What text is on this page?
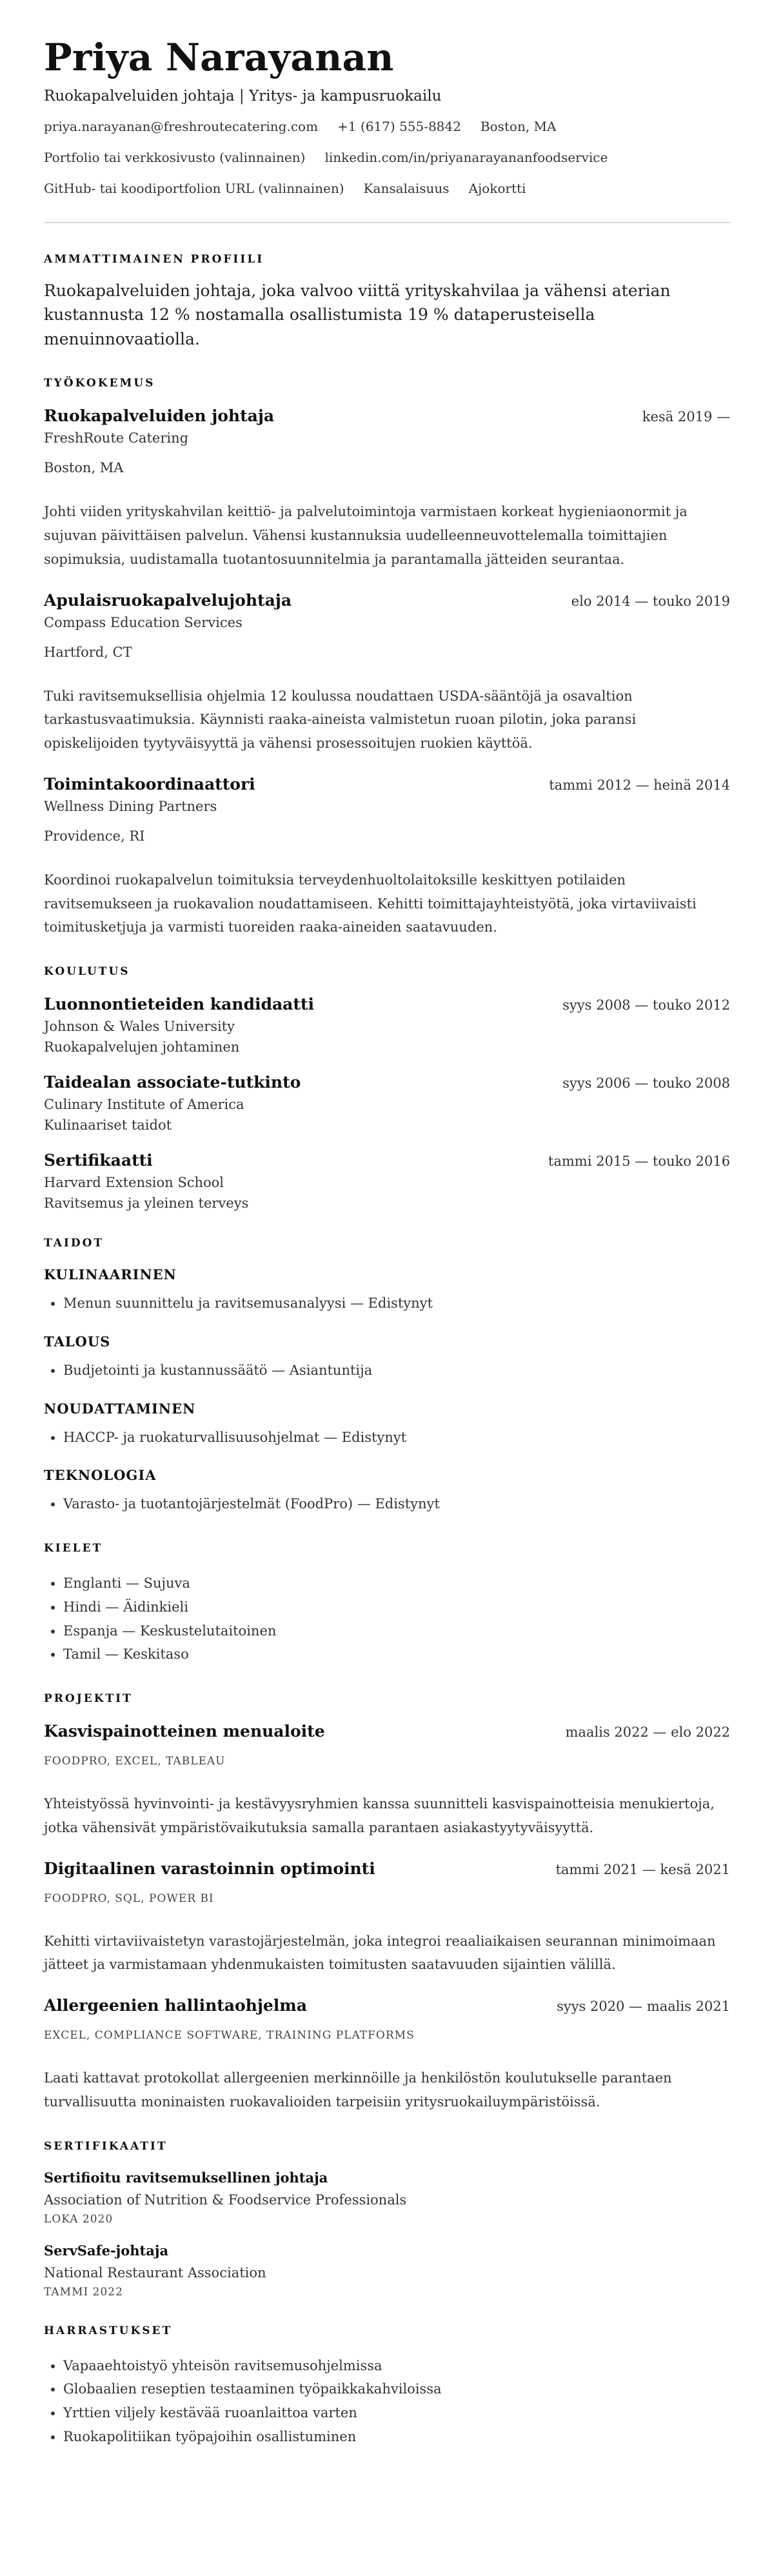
Priya Narayanan
Ruokapalveluiden johtaja | Yritys- ja kampusruokailu
priya.narayanan@freshroutecatering.com +1 (617) 555-8842 Boston, MA
Portfolio tai verkkosivusto (valinnainen) linkedin.com/in/priyanarayananfoodservice
GitHub- tai koodiportfolion URL (valinnainen) Kansalaisuus Ajokortti
AMMATTIMAINEN PROFIILI
Ruokapalveluiden johtaja, joka valvoo viittä yrityskahvilaa ja vähensi aterian kustannusta 12 % nostamalla osallistumista 19 % dataperusteisella menuinnovaatiolla.
TYÖKOKEMUS
Ruokapalveluiden johtaja	kesä 2019 —
FreshRoute Catering
Boston, MA
Johti viiden yrityskahvilan keittiö- ja palvelutoimintoja varmistaen korkeat hygieniaonormit ja sujuvan päivittäisen palvelun. Vähensi kustannuksia uudelleenneuvottelemalla toimittajien sopimuksia, uudistamalla tuotantosuunnitelmia ja parantamalla jätteiden seurantaa.
Apulaisruokapalvelujohtaja	elo 2014 — touko 2019
Compass Education Services
Hartford, CT
Tuki ravitsemuksellisia ohjelmia 12 koulussa noudattaen USDA-sääntöjä ja osavaltion tarkastusvaatimuksia. Käynnisti raaka-aineista valmistetun ruoan pilotin, joka paransi opiskelijoiden tyytyväisyyttä ja vähensi prosessoitujen ruokien käyttöä.
Toimintakoordinaattori	tammi 2012 — heinä 2014
Wellness Dining Partners
Providence, RI
Koordinoi ruokapalvelun toimituksia terveydenhuoltolaitoksille keskittyen potilaiden ravitsemukseen ja ruokavalion noudattamiseen. Kehitti toimittajayhteistyötä, joka virtaviivaisti toimitusketjuja ja varmisti tuoreiden raaka-aineiden saatavuuden.
KOULUTUS
Luonnontieteiden kandidaatti	syys 2008 — touko 2012
Johnson & Wales University
Ruokapalvelujen johtaminen
Taidealan associate-tutkinto	syys 2006 — touko 2008
Culinary Institute of America
Kulinaariset taidot
Sertifikaatti	tammi 2015 — touko 2016
Harvard Extension School
Ravitsemus ja yleinen terveys
TAIDOT
KULINAARINEN
• Menun suunnittelu ja ravitsemusanalyysi — Edistynyt
TALOUS
• Budjetointi ja kustannussäätö — Asiantuntija
NOUDATTAMINEN
• HACCP- ja ruokaturvallisuusohjelmat — Edistynyt
TEKNOLOGIA
• Varasto- ja tuotantojärjestelmät (FoodPro) — Edistynyt
KIELET
• Englanti — Sujuva
• Hindi — Äidinkieli
• Espanja — Keskustelutaitoinen
• Tamil — Keskitaso
PROJEKTIT
Kasvispainotteinen menualoite	maalis 2022 — elo 2022
FOODPRO, EXCEL, TABLEAU
Yhteistyössä hyvinvointi- ja kestävyysryhmien kanssa suunnitteli kasvispainotteisia menukiertoja, jotka vähensivät ympäristövaikutuksia samalla parantaen asiakastyytyväisyyttä.
Digitaalinen varastoinnin optimointi	tammi 2021 — kesä 2021
FOODPRO, SQL, POWER BI
Kehitti virtaviivaistetyn varastojärjestelmän, joka integroi reaaliaikaisen seurannan minimoimaan jätteet ja varmistamaan yhdenmukaisten toimitusten saatavuuden sijaintien välillä.
Allergeenien hallintaohjelma	syys 2020 — maalis 2021
EXCEL, COMPLIANCE SOFTWARE, TRAINING PLATFORMS
Laati kattavat protokollat allergeenien merkinnöille ja henkilöstön koulutukselle parantaen turvallisuutta moninaisten ruokavalioiden tarpeisiin yritysruokailuympäristöissä.
SERTIFIKAATIT
Sertifioitu ravitsemuksellinen johtaja
Association of Nutrition & Foodservice Professionals
LOKA 2020
ServSafe-johtaja
National Restaurant Association
TAMMI 2022
HARRASTUKSET
• Vapaaehtoistyö yhteisön ravitsemusohjelmissa
• Globaalien reseptien testaaminen työpaikkakahviloissa
• Yrttien viljely kestävää ruoanlaittoa varten
• Ruokapolitiikan työpajoihin osallistuminen
